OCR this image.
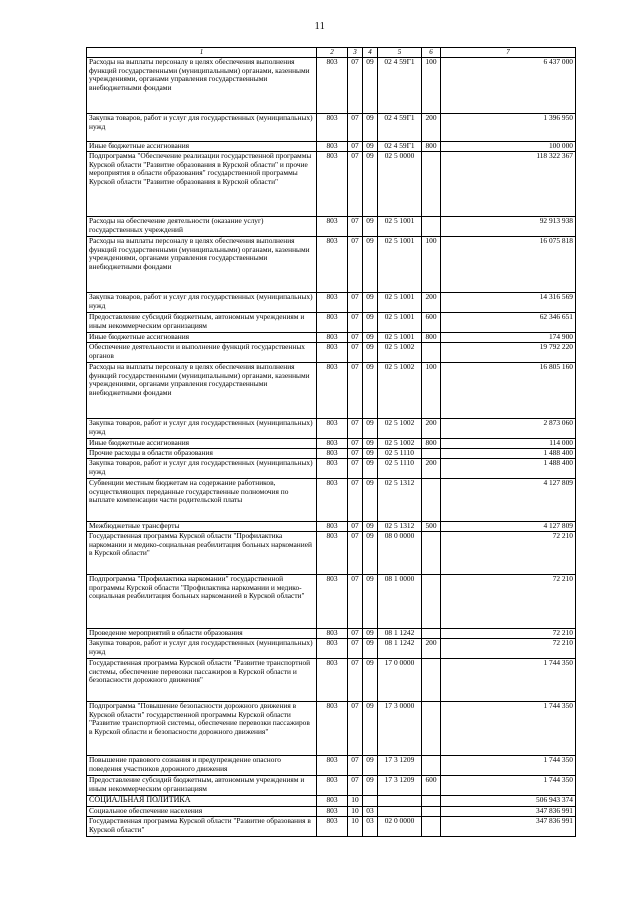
11
1	2	3	4	5	6	7
Расходы на выплаты персоналу в целях обеспечения выполнения функций государственными (муниципальными) органами, казенными учреждениями, органами управления государственными внебюджетными фондами	803	07	09	02 4 59Г1	100	6 437 000
Закупка товаров, работ и услуг для государственных (муниципальных) нужд	803	07	09	02 4 59Г1	200	1 396 950
Иные бюджетные ассигнования	803	07	09	02 4 59Г1	800	100 000
Подпрограмма "Обеспечение реализации государственной программы Курской области "Развитие образования в Курской области" и прочие мероприятия в области образования" государственной программы Курской области "Развитие образования в Курской области"	803	07	09	02 5 0000		118 322 367
Расходы на обеспечение деятельности (оказание услуг) государственных учреждений	803	07	09	02 5 1001		92 913 938
Расходы на выплаты персоналу в целях обеспечения выполнения функций государственными (муниципальными) органами, казенными учреждениями, органами управления государственными внебюджетными фондами	803	07	09	02 5 1001	100	16 075 818
Закупка товаров, работ и услуг для государственных (муниципальных) нужд	803	07	09	02 5 1001	200	14 316 569
Предоставление субсидий бюджетным, автономным учреждениям и иным некоммерческим организациям	803	07	09	02 5 1001	600	62 346 651
Иные бюджетные ассигнования	803	07	09	02 5 1001	800	174 900
Обеспечение деятельности и выполнение функций государственных органов	803	07	09	02 5 1002		19 792 220
Расходы на выплаты персоналу в целях обеспечения выполнения функций государственными (муниципальными) органами, казенными учреждениями, органами управления государственными внебюджетными фондами	803	07	09	02 5 1002	100	16 805 160
Закупка товаров, работ и услуг для государственных (муниципальных) нужд	803	07	09	02 5 1002	200	2 873 060
Иные бюджетные ассигнования	803	07	09	02 5 1002	800	114 000
Прочие расходы в области образования	803	07	09	02 5 1110		1 488 400
Закупка товаров, работ и услуг для государственных (муниципальных) нужд	803	07	09	02 5 1110	200	1 488 400
Субвенции местным бюджетам на содержание работников, осуществляющих переданные государственные полномочия по выплате компенсации части родительской платы	803	07	09	02 5 1312		4 127 809
Межбюджетные трансферты	803	07	09	02 5 1312	500	4 127 809
Государственная программа Курской области "Профилактика наркомании и медико-социальная реабилитация больных наркоманией в Курской области"	803	07	09	08 0 0000		72 210
Подпрограмма "Профилактика наркомании" государственной программы Курской области "Профилактика наркомании и медико-социальная реабилитация больных наркоманией в Курской области"	803	07	09	08 1 0000		72 210
Проведение мероприятий в области образования	803	07	09	08 1 1242		72 210
Закупка товаров, работ и услуг для государственных (муниципальных) нужд	803	07	09	08 1 1242	200	72 210
Государственная программа Курской области "Развитие транспортной системы, обеспечение перевозки пассажиров в Курской области и безопасности дорожного движения"	803	07	09	17 0 0000		1 744 350
Подпрограмма "Повышение безопасности дорожного движения в Курской области" государственной программы Курской области "Развитие транспортной системы, обеспечение перевозки пассажиров в Курской области и безопасности дорожного движения"	803	07	09	17 3 0000		1 744 350
Повышение правового сознания и предупреждение опасного поведения участников дорожного движения	803	07	09	17 3 1209		1 744 350
Предоставление субсидий бюджетным, автономным учреждениям и иным некоммерческим организациям	803	07	09	17 3 1209	600	1 744 350
СОЦИАЛЬНАЯ ПОЛИТИКА	803	10				506 943 374
Социальное обеспечение населения	803	10	03			347 836 991
Государственная программа Курской области "Развитие образования в Курской области"	803	10	03	02 0 0000		347 836 991
